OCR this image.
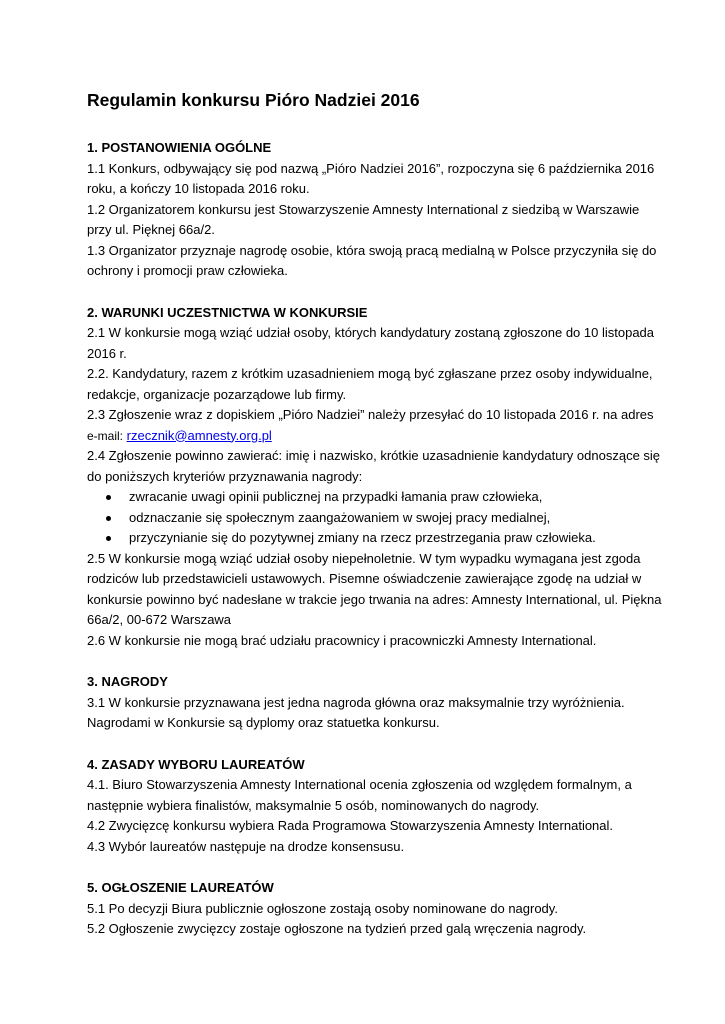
Regulamin konkursu Pióro Nadziei 2016

1. POSTANOWIENIA OGÓLNE

1.1 Konkurs, odbywający się pod nazwą „Pióro Nadziei 2016”, rozpoczyna się 6 października 2016 roku, a kończy 10 listopada 2016 roku.

1.2 Organizatorem konkursu jest Stowarzyszenie Amnesty International z siedzibą w Warszawie przy ul. Pięknej 66a/2.

1.3 Organizator przyznaje nagrodę osobie, która swoją pracą medialną w Polsce przyczyniła się do ochrony i promocji praw człowieka.

2. WARUNKI UCZESTNICTWA W KONKURSIE

2.1 W konkursie mogą wziąć udział osoby, których kandydatury zostaną zgłoszone do 10 listopada 2016 r.

2.2. Kandydatury, razem z krótkim uzasadnieniem mogą być zgłaszane przez osoby indywidualne, redakcje, organizacje pozarządowe lub firmy.

2.3 Zgłoszenie wraz z dopiskiem „Pióro Nadziei” należy przesyłać do 10 listopada 2016 r. na adres e-mail: rzecznik@amnesty.org.pl

2.4 Zgłoszenie powinno zawierać: imię i nazwisko, krótkie uzasadnienie kandydatury odnoszące się do poniższych kryteriów przyznawania nagrody:

zwracanie uwagi opinii publicznej na przypadki łamania praw człowieka,
odznaczanie się społecznym zaangażowaniem w swojej pracy medialnej,
przyczynianie się do pozytywnej zmiany na rzecz przestrzegania praw człowieka.

2.5 W konkursie mogą wziąć udział osoby niepełnoletnie. W tym wypadku wymagana jest zgoda rodziców lub przedstawicieli ustawowych. Pisemne oświadczenie zawierające zgodę na udział w konkursie powinno być nadesłane w trakcie jego trwania na adres: Amnesty International, ul. Piękna 66a/2, 00-672 Warszawa

2.6 W konkursie nie mogą brać udziału pracownicy i pracowniczki Amnesty International.

3. NAGRODY

3.1 W konkursie przyznawana jest jedna nagroda główna oraz maksymalnie trzy wyróżnienia. Nagrodami w Konkursie są dyplomy oraz statuetka konkursu.

4. ZASADY WYBORU LAUREATÓW

4.1. Biuro Stowarzyszenia Amnesty International ocenia zgłoszenia od względem formalnym, a następnie wybiera finalistów, maksymalnie 5 osób, nominowanych do nagrody.

4.2 Zwycięzcę konkursu wybiera Rada Programowa Stowarzyszenia Amnesty International.

4.3 Wybór laureatów następuje na drodze konsensusu.

5. OGŁOSZENIE LAUREATÓW

5.1 Po decyzji Biura publicznie ogłoszone zostają osoby nominowane do nagrody.

5.2 Ogłoszenie zwycięzcy zostaje ogłoszone na tydzień przed galą wręczenia nagrody.
